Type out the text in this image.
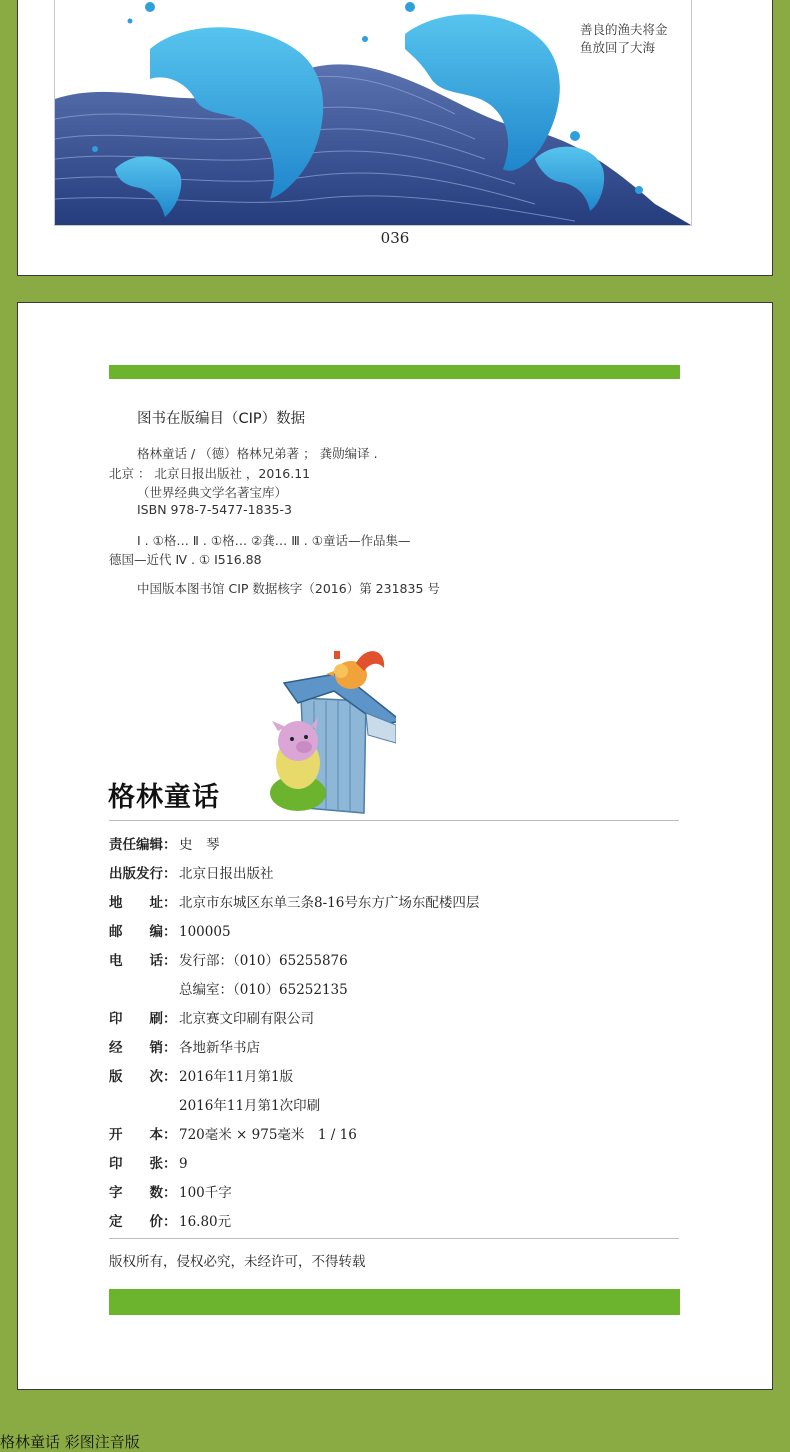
善良的渔夫将金
鱼放回了大海
036
图书在版编目（CIP）数据
格林童话 / （德）格林兄弟著 ； 龚勋编译 .
北京 ： 北京日报出版社 ，2016.11
（世界经典文学名著宝库）
ISBN 978-7-5477-1835-3
Ⅰ . ①格… Ⅱ . ①格… ②龚… Ⅲ . ①童话—作品集—
德国—近代 Ⅳ . ① I516.88
中国版本图书馆 CIP 数据核字（2016）第 231835 号
格林童话
责任编辑： 史　琴
出版发行： 北京日报出版社
地　　址： 北京市东城区东单三条8-16号东方广场东配楼四层
邮　　编： 100005
电　　话： 发行部：（010）65255876
总编室：（010）65252135
印　　刷： 北京赛文印刷有限公司
经　　销： 各地新华书店
版　　次： 2016年11月第1版
2016年11月第1次印刷
开　　本： 720毫米 × 975毫米　1 / 16
印　　张： 9
字　　数： 100千字
定　　价： 16.80元
版权所有，侵权必究，未经许可，不得转载
格林童话 彩图注音版
